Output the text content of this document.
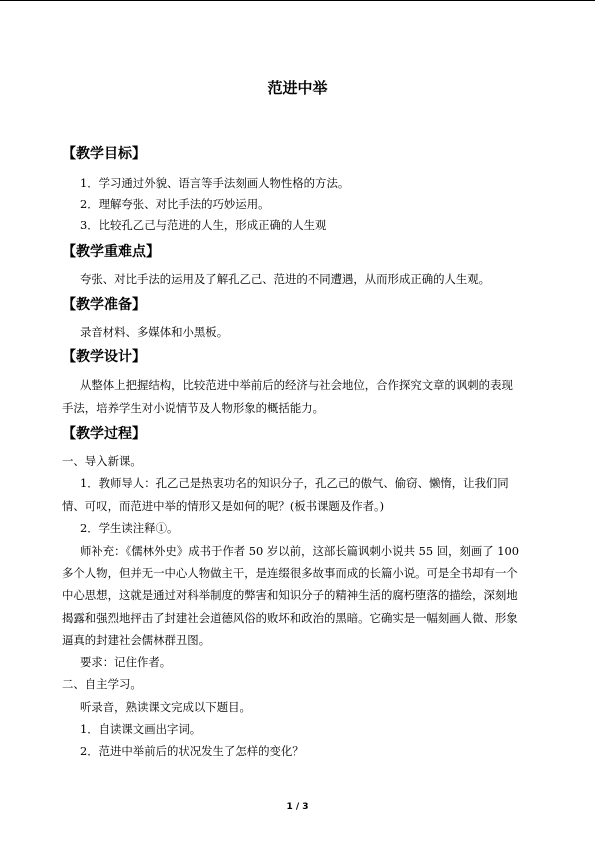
范进中举
【教学目标】
1．学习通过外貌、语言等手法刻画人物性格的方法。
2．理解夸张、对比手法的巧妙运用。
3．比较孔乙己与范进的人生，形成正确的人生观
【教学重难点】
夸张、对比手法的运用及了解孔乙己、范进的不同遭遇，从而形成正确的人生观。
【教学准备】
录音材料、多媒体和小黑板。
【教学设计】
从整体上把握结构，比较范进中举前后的经济与社会地位，合作探究文章的讽刺的表现
手法，培养学生对小说情节及人物形象的概括能力。
【教学过程】
一、导入新课。
1．教师导人：孔乙己是热衷功名的知识分子，孔乙己的傲气、偷窃、懒惰，让我们同
情、可叹，而范进中举的情形又是如何的呢？(板书课题及作者。)
2．学生读注释①。
师补充：《儒林外史》成书于作者 50 岁以前，这部长篇讽刺小说共 55 回，刻画了 100
多个人物，但并无一中心人物做主干，是连缀很多故事而成的长篇小说。可是全书却有一个
中心思想，这就是通过对科举制度的弊害和知识分子的精神生活的腐朽堕落的描绘，深刻地
揭露和强烈地抨击了封建社会道德风俗的败坏和政治的黑暗。它确实是一幅刻画人微、形象
逼真的封建社会儒林群丑图。
要求：记住作者。
二、自主学习。
听录音，熟读课文完成以下题目。
1．自读课文画出字词。
2．范进中举前后的状况发生了怎样的变化？
1 / 3
